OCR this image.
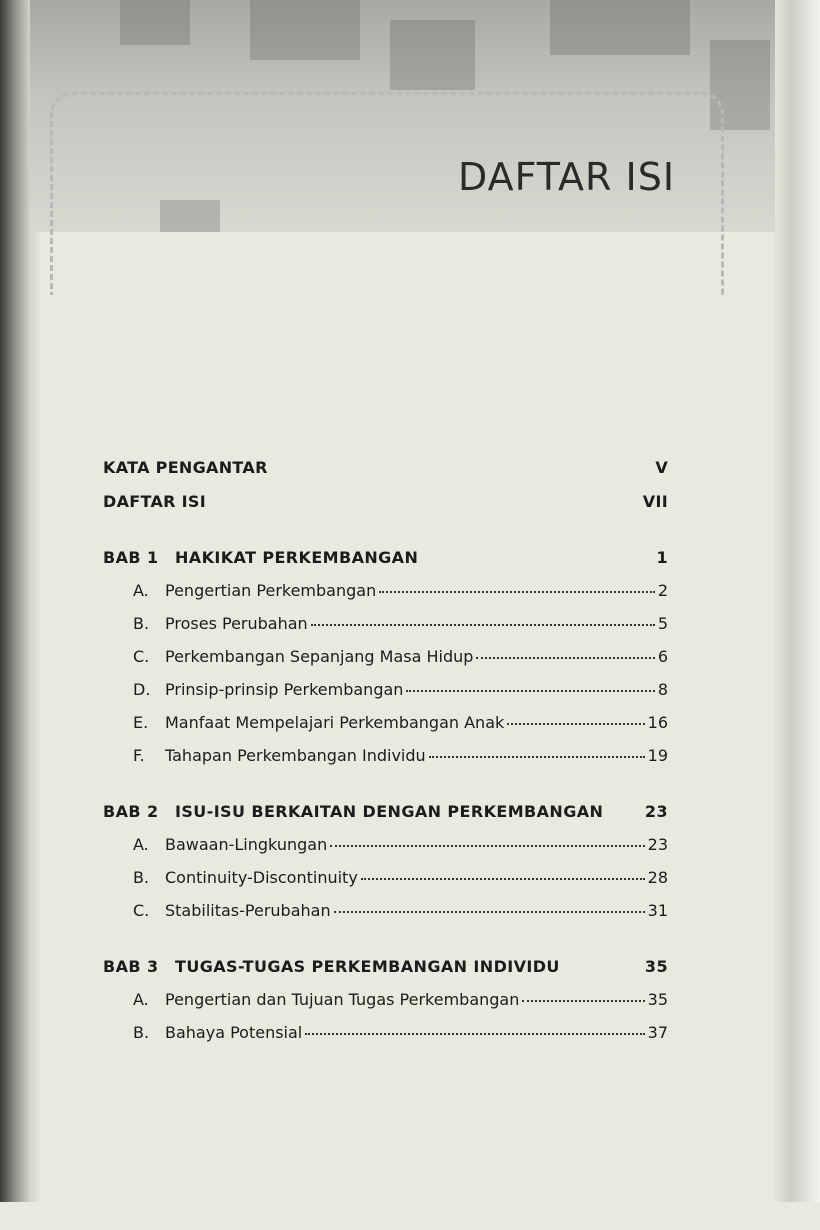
DAFTAR ISI
KATA PENGANTAR	V
DAFTAR ISI	VII
BAB 1 HAKIKAT PERKEMBANGAN	1
A. Pengertian Perkembangan	2
B. Proses Perubahan	5
C. Perkembangan Sepanjang Masa Hidup	6
D. Prinsip-prinsip Perkembangan	8
E. Manfaat Mempelajari Perkembangan Anak	16
F. Tahapan Perkembangan Individu	19
BAB 2 ISU-ISU BERKAITAN DENGAN PERKEMBANGAN	23
A. Bawaan-Lingkungan	23
B. Continuity-Discontinuity	28
C. Stabilitas-Perubahan	31
BAB 3 TUGAS-TUGAS PERKEMBANGAN INDIVIDU	35
A. Pengertian dan Tujuan Tugas Perkembangan	35
B. Bahaya Potensial	37
